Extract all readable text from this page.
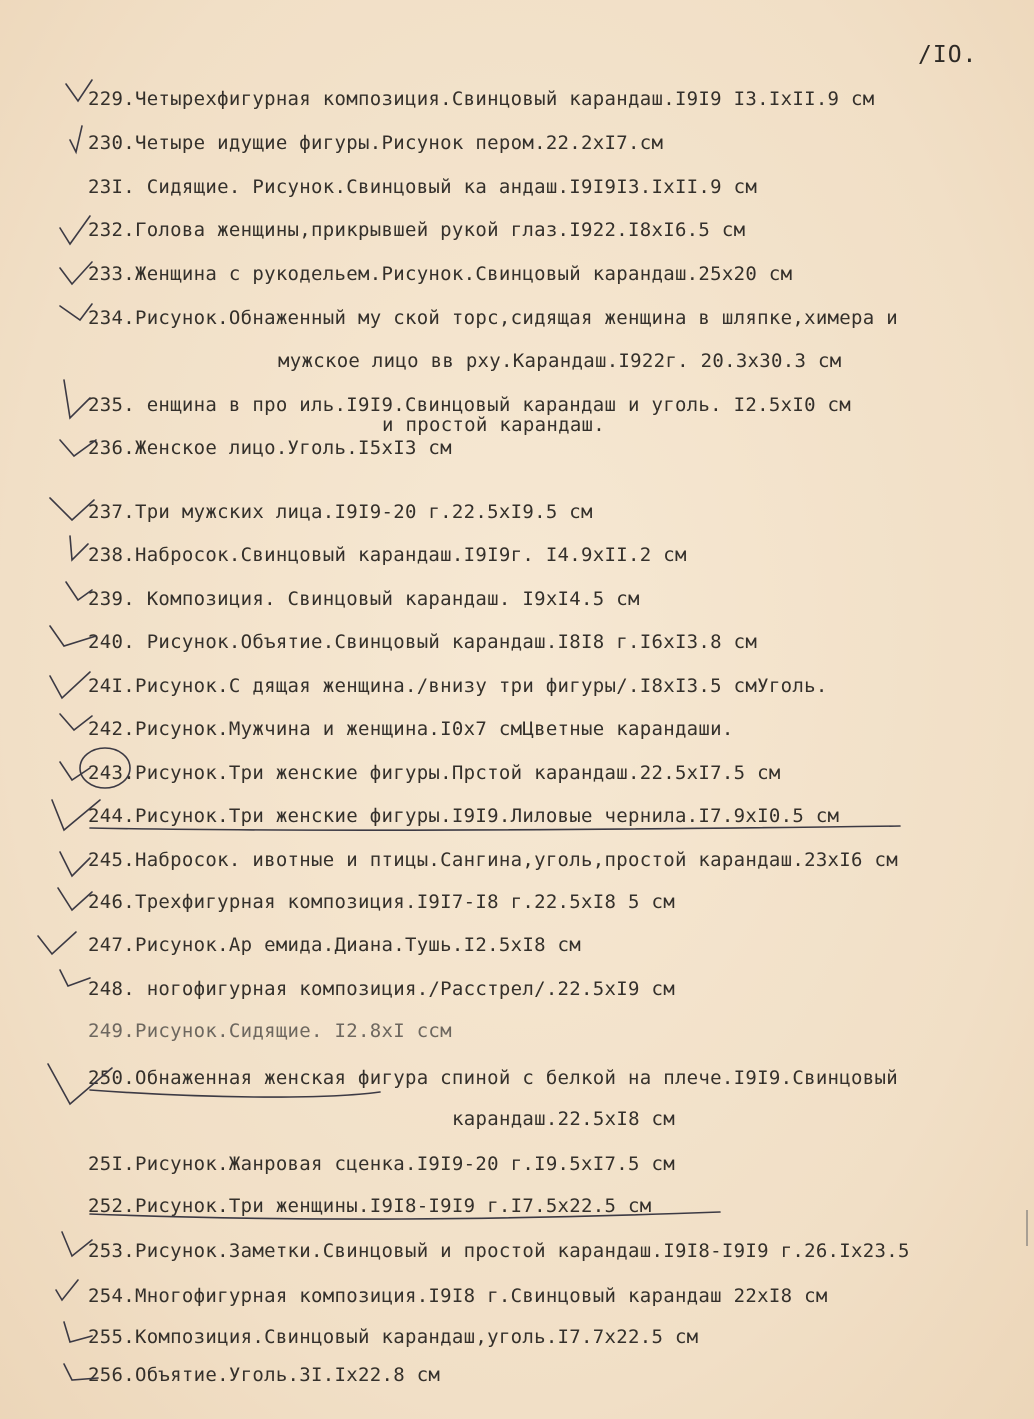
/IO.
229.Четырехфигурная композиция.Свинцовый карандаш.I9I9 I3.IxII.9 см
230.Четыре идущие фигуры.Рисунок пером.22.2xI7.см
23I. Сидящие. Рисунок.Свинцовый ка андаш.I9I9I3.IxII.9 см
232.Голова женщины,прикрывшей рукой глаз.I922.I8xI6.5 см
233.Женщина с рукодельем.Рисунок.Свинцовый карандаш.25x20 см
234.Рисунок.Обнаженный му ской торс,сидящая женщина в шляпке,химера и
мужское лицо вв рху.Карандаш.I922г. 20.3x30.3 см
235. енщина в про иль.I9I9.Свинцовый карандаш и уголь. I2.5xI0 см
и простой карандаш.
236.Женское лицо.Уголь.I5xI3 см
237.Три мужских лица.I9I9-20 г.22.5xI9.5 см
238.Набросок.Свинцовый карандаш.I9I9г. I4.9xII.2 см
239. Композиция. Свинцовый карандаш. I9xI4.5 см
240. Рисунок.Объятие.Свинцовый карандаш.I8I8 г.I6xI3.8 см
24I.Рисунок.С дящая женщина./внизу три фигуры/.I8xI3.5 смУголь.
242.Рисунок.Мужчина и женщина.I0x7 смЦветные карандаши.
243.Рисунок.Три женские фигуры.Прстой карандаш.22.5xI7.5 см
244.Рисунок.Три женские фигуры.I9I9.Лиловые чернила.I7.9xI0.5 см
245.Набросок. ивотные и птицы.Сангина,уголь,простой карандаш.23xI6 см
246.Трехфигурная композиция.I9I7-I8 г.22.5xI8 5 см
247.Рисунок.Ар емида.Диана.Тушь.I2.5xI8 см
248. ногофигурная композиция./Расстрел/.22.5xI9 см
249.Рисунок.Сидящие. I2.8xI ссм
250.Обнаженная женская фигура спиной с белкой на плече.I9I9.Свинцовый
карандаш.22.5xI8 см
25I.Рисунок.Жанровая сценка.I9I9-20 г.I9.5xI7.5 см
252.Рисунок.Три женщины.I9I8-I9I9 г.I7.5x22.5 см
253.Рисунок.Заметки.Свинцовый и простой карандаш.I9I8-I9I9 г.26.Ix23.5
254.Многофигурная композиция.I9I8 г.Свинцовый карандаш 22xI8 см
255.Композиция.Свинцовый карандаш,уголь.I7.7x22.5 см
256.Объятие.Уголь.3I.Ix22.8 см
